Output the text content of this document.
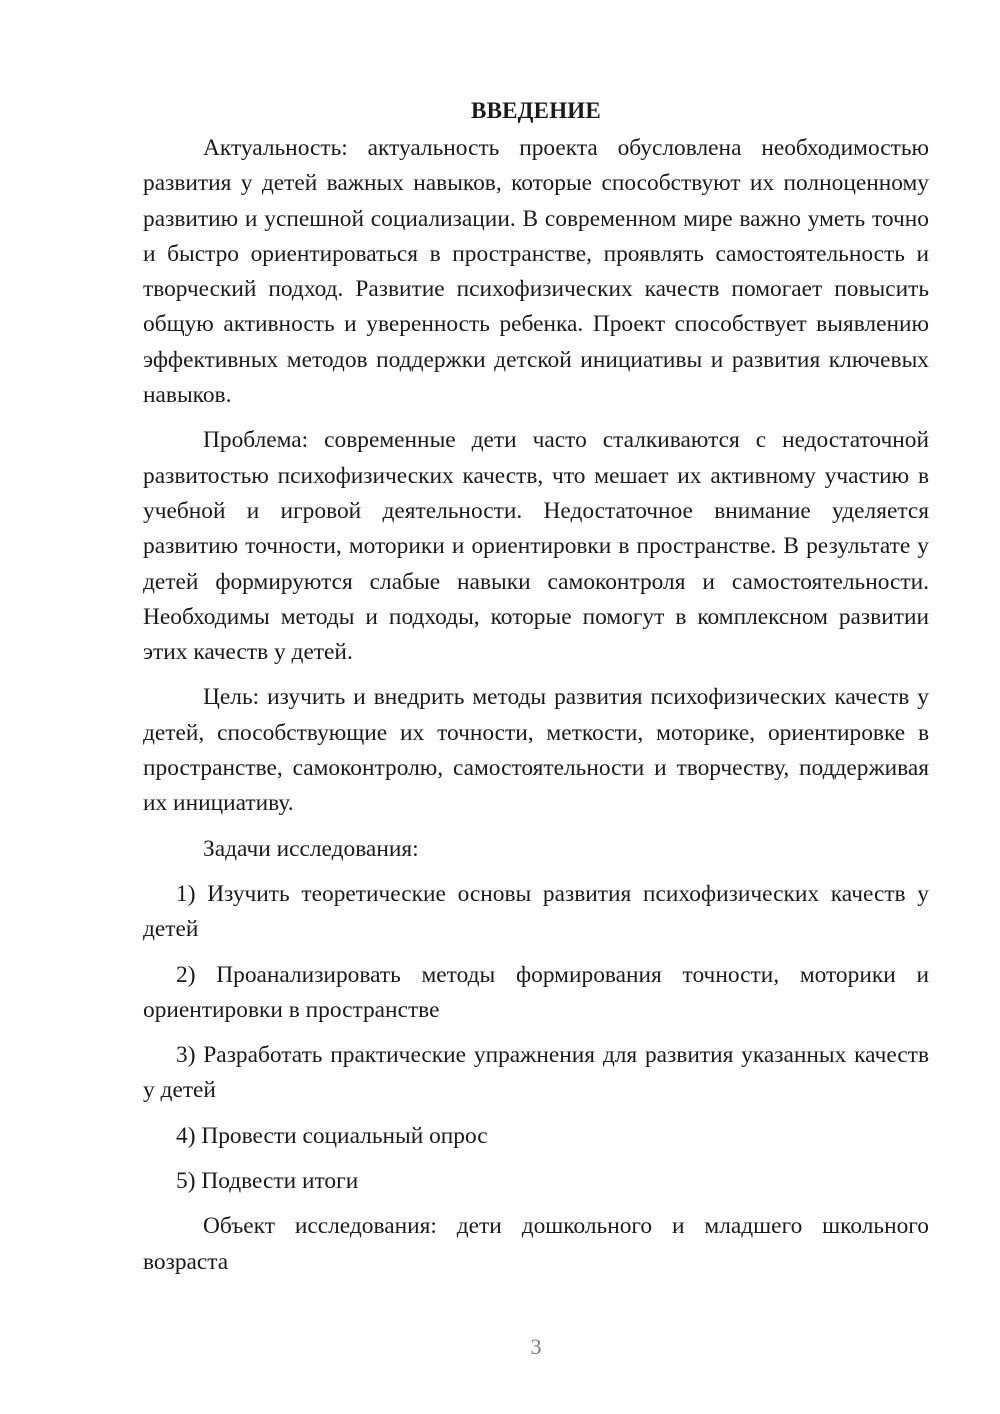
ВВЕДЕНИЕ

Актуальность: актуальность проекта обусловлена необходимостью развития у детей важных навыков, которые способствуют их полноценному развитию и успешной социализации. В современном мире важно уметь точно и быстро ориентироваться в пространстве, проявлять самостоятельность и творческий подход. Развитие психофизических качеств помогает повысить общую активность и уверенность ребенка. Проект способствует выявлению эффективных методов поддержки детской инициативы и развития ключевых навыков.

Проблема: современные дети часто сталкиваются с недостаточной развитостью психофизических качеств, что мешает их активному участию в учебной и игровой деятельности. Недостаточное внимание уделяется развитию точности, моторики и ориентировки в пространстве. В результате у детей формируются слабые навыки самоконтроля и самостоятельности. Необходимы методы и подходы, которые помогут в комплексном развитии этих качеств у детей.

Цель: изучить и внедрить методы развития психофизических качеств у детей, способствующие их точности, меткости, моторике, ориентировке в пространстве, самоконтролю, самостоятельности и творчеству, поддерживая их инициативу.

Задачи исследования:

1) Изучить теоретические основы развития психофизических качеств у детей

2) Проанализировать методы формирования точности, моторики и ориентировки в пространстве

3) Разработать практические упражнения для развития указанных качеств у детей

4) Провести социальный опрос

5) Подвести итоги

Объект исследования: дети дошкольного и младшего школьного возраста

3
